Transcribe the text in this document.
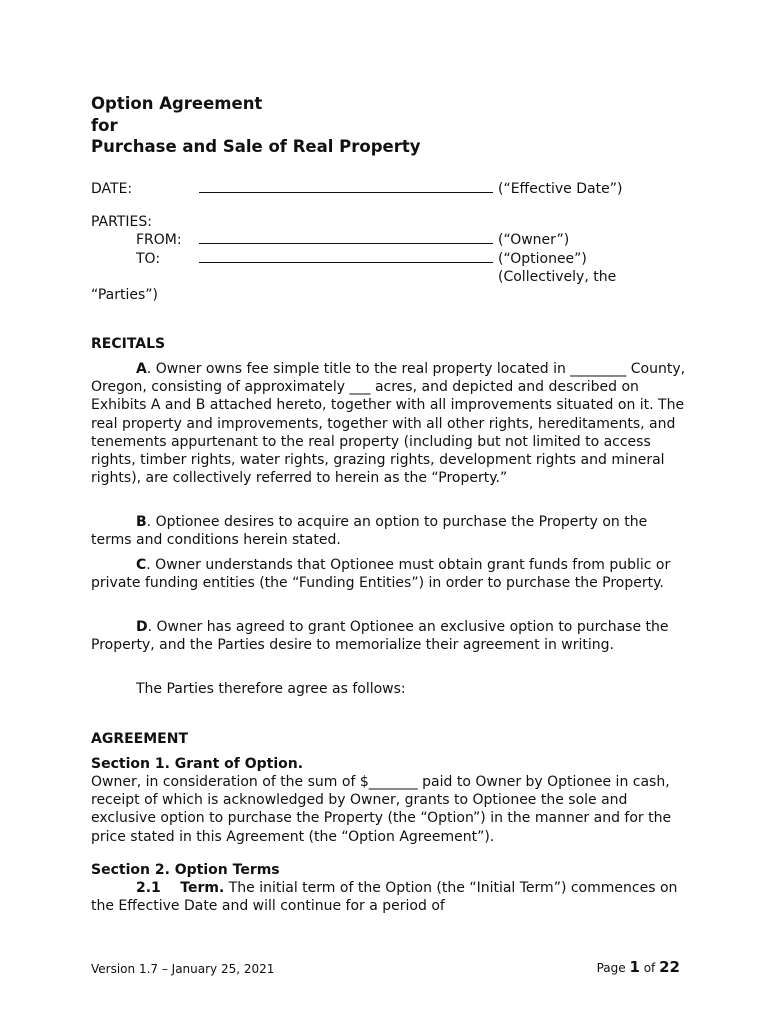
Option Agreement
for
Purchase and Sale of Real Property
DATE:	(“Effective Date”)
PARTIES:
FROM:	(“Owner”)
TO:	(“Optionee”)
(Collectively, the
“Parties”)
RECITALS

A. Owner owns fee simple title to the real property located in ________ County, Oregon, consisting of approximately ___ acres, and depicted and described on Exhibits A and B attached hereto, together with all improvements situated on it. The real property and improvements, together with all other rights, hereditaments, and tenements appurtenant to the real property (including but not limited to access rights, timber rights, water rights, grazing rights, development rights and mineral rights), are collectively referred to herein as the “Property.”

B. Optionee desires to acquire an option to purchase the Property on the terms and conditions herein stated.

C. Owner understands that Optionee must obtain grant funds from public or private funding entities (the “Funding Entities”) in order to purchase the Property.

D. Owner has agreed to grant Optionee an exclusive option to purchase the Property, and the Parties desire to memorialize their agreement in writing.

The Parties therefore agree as follows:
AGREEMENT
Section 1. Grant of Option.

Owner, in consideration of the sum of $_______ paid to Owner by Optionee in cash, receipt of which is acknowledged by Owner, grants to Optionee the sole and exclusive option to purchase the Property (the “Option”) in the manner and for the price stated in this Agreement (the “Option Agreement”).

Section 2. Option Terms

2.1    Term. The initial term of the Option (the “Initial Term”) commences on the Effective Date and will continue for a period of

Version 1.7 – January 25, 2021	Page 1 of 22
